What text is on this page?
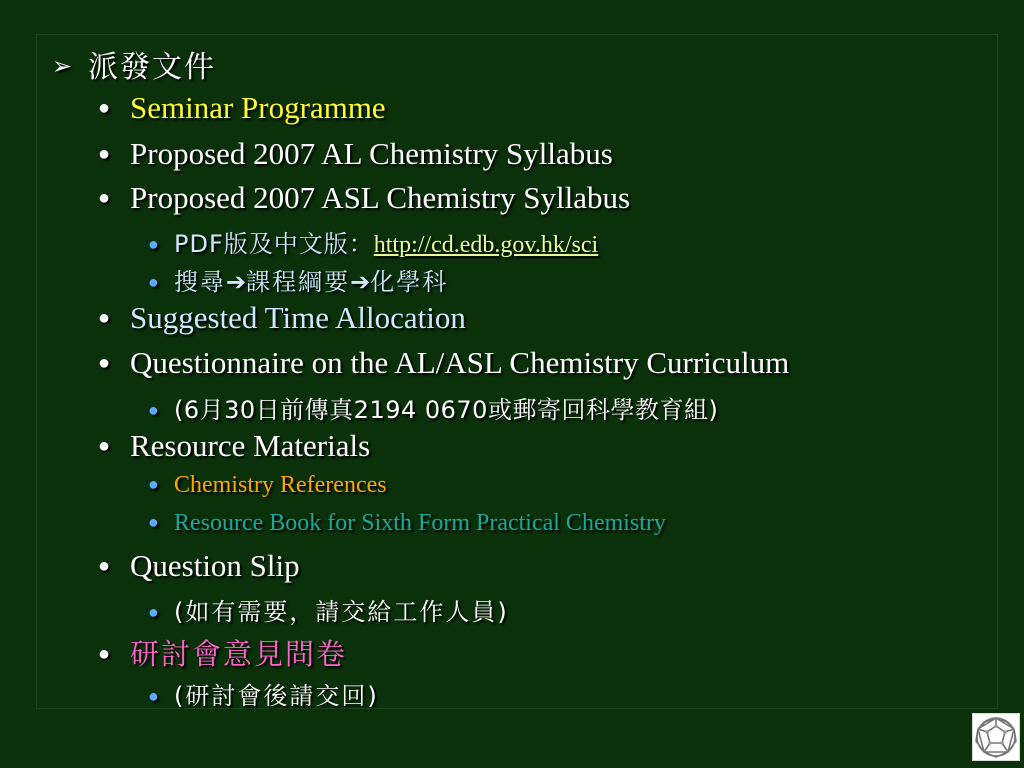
➢ 派發文件
● Seminar Programme
● Proposed 2007 AL Chemistry Syllabus
● Proposed 2007 ASL Chemistry Syllabus
● PDF版及中文版：http://cd.edb.gov.hk/sci
● 搜尋➔課程綱要➔化學科
● Suggested Time Allocation
● Questionnaire on the AL/ASL Chemistry Curriculum
● (6月30日前傳真2194 0670或郵寄回科學教育組)
● Resource Materials
● Chemistry References
● Resource Book for Sixth Form Practical Chemistry
● Question Slip
● (如有需要，請交給工作人員)
● 研討會意見問卷
● (研討會後請交回)
